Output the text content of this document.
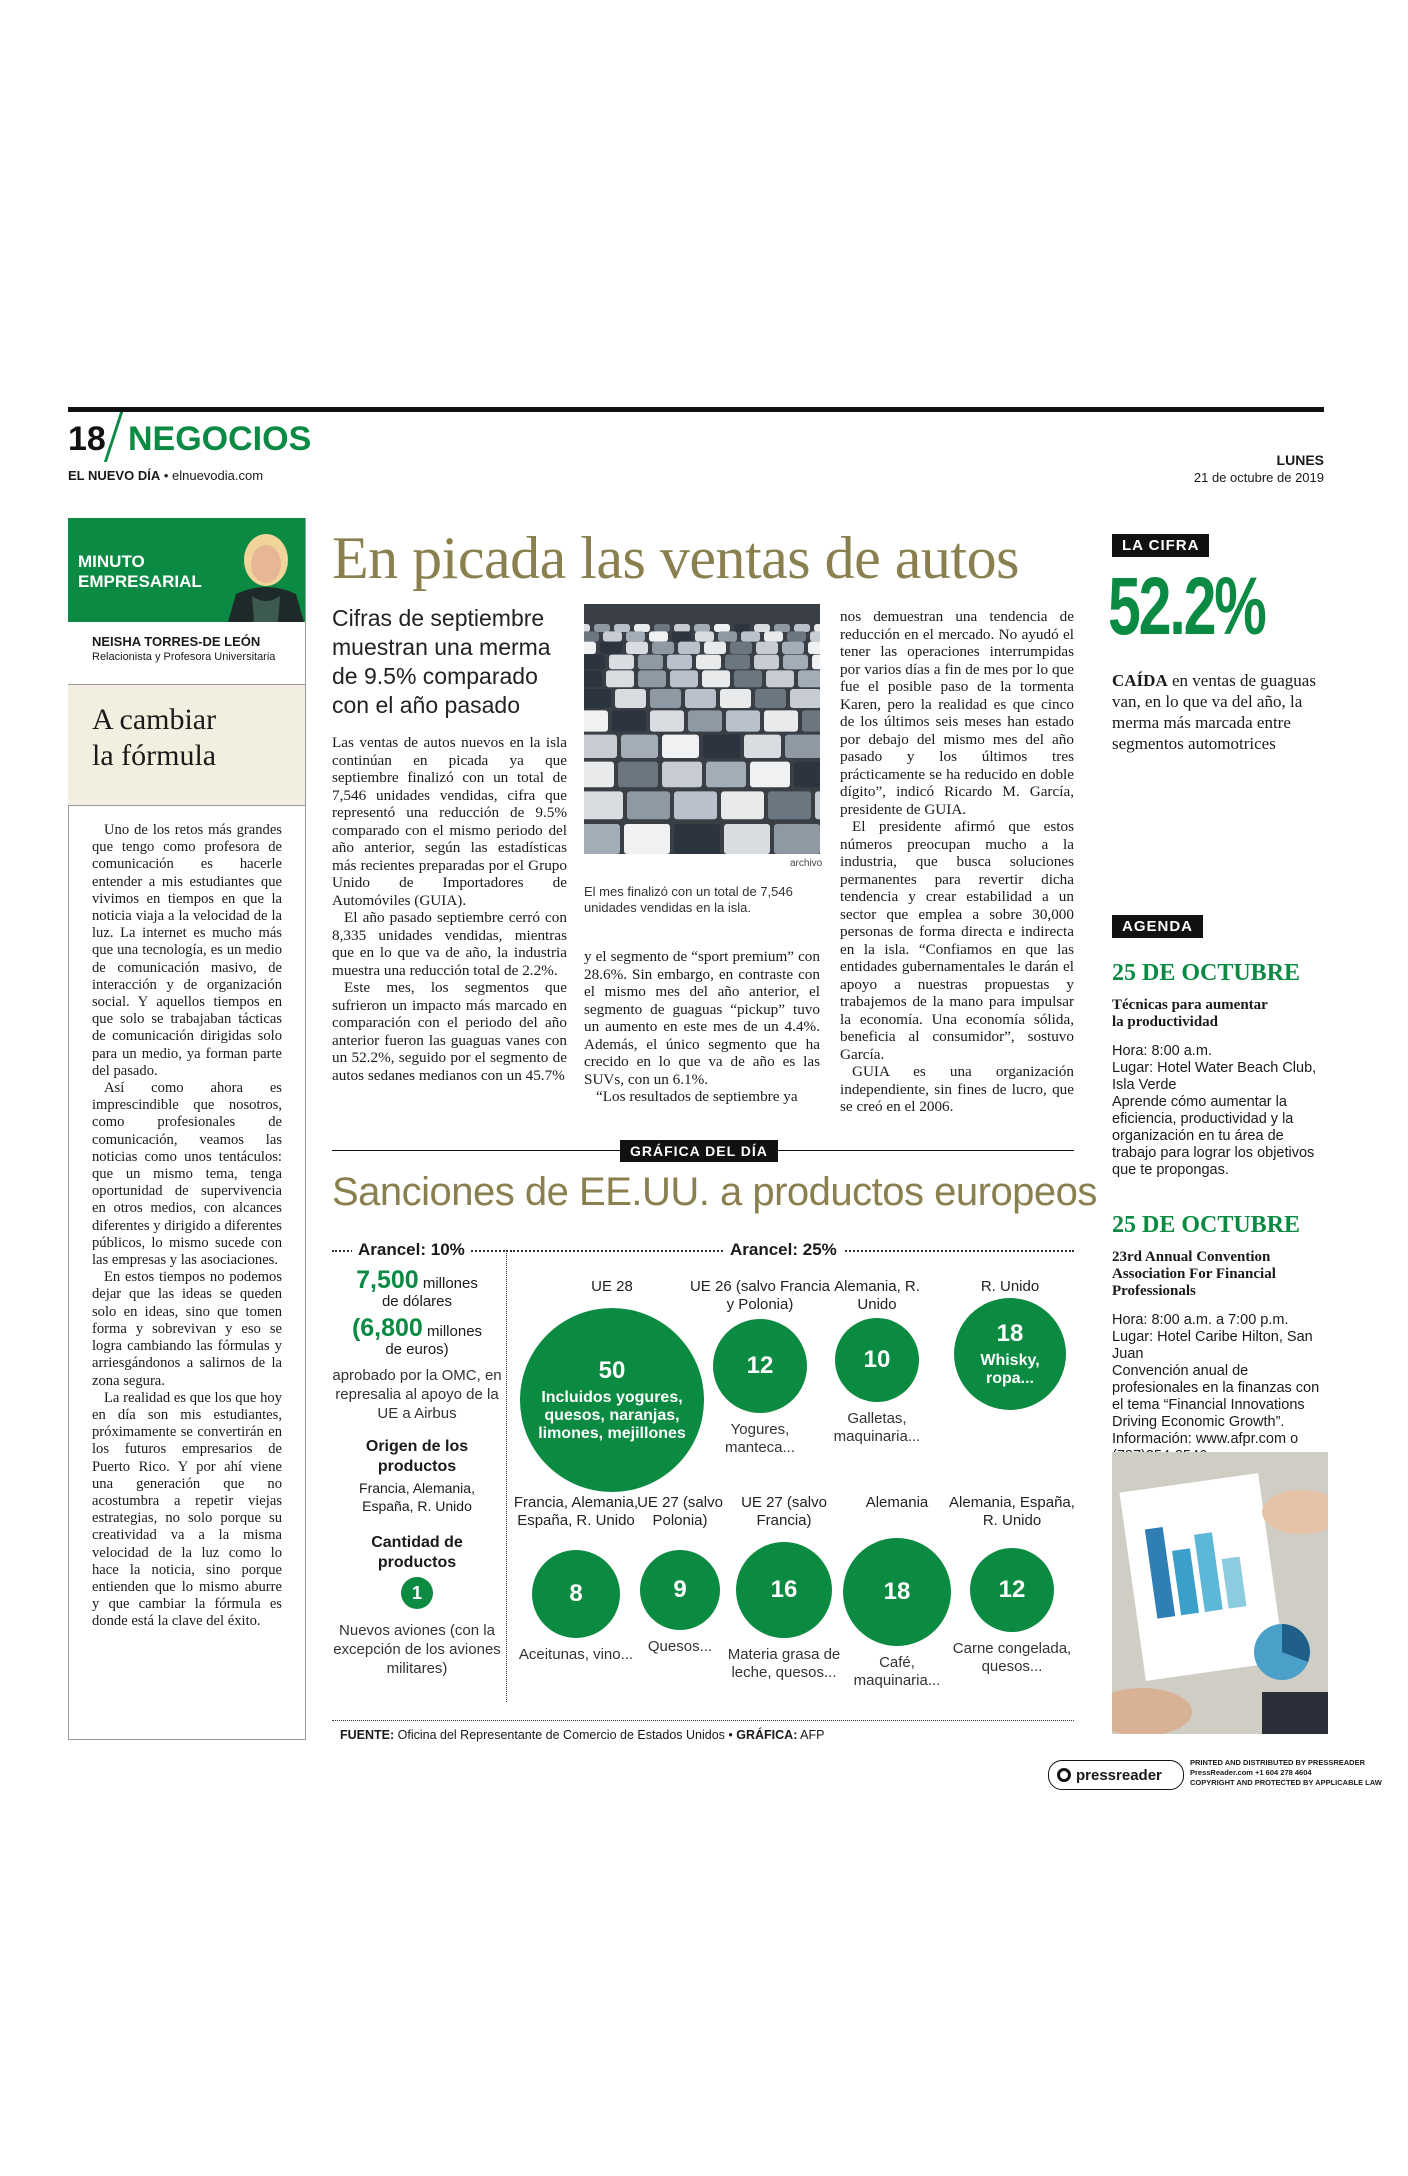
18 NEGOCIOS
EL NUEVO DÍA • elnuevodia.com
LUNES
21 de octubre de 2019
MINUTO
EMPRESARIAL
NEISHA TORRES-DE LEÓN
Relacionista y Profesora Universitaria
A cambiar
la fórmula

Uno de los retos más grandes que tengo como profesora de comunicación es hacerle entender a mis estudiantes que vivimos en tiempos en que la noticia viaja a la velocidad de la luz. La internet es mucho más que una tecnología, es un medio de comunicación masivo, de interacción y de organización social. Y aquellos tiempos en que solo se trabajaban tácticas de comunicación dirigidas solo para un medio, ya forman parte del pasado.

Así como ahora es imprescindible que nosotros, como profesionales de comunicación, veamos las noticias como unos tentáculos: que un mismo tema, tenga oportunidad de supervivencia en otros medios, con alcances diferentes y dirigido a diferentes públicos, lo mismo sucede con las empresas y las asociaciones.

En estos tiempos no podemos dejar que las ideas se queden solo en ideas, sino que tomen forma y sobrevivan y eso se logra cambiando las fórmulas y arriesgándonos a salirnos de la zona segura.

La realidad es que los que hoy en día son mis estudiantes, próximamente se convertirán en los futuros empresarios de Puerto Rico. Y por ahí viene una generación que no acostumbra a repetir viejas estrategias, no solo porque su creatividad va a la misma velocidad de la luz como lo hace la noticia, sino porque entienden que lo mismo aburre y que cambiar la fórmula es donde está la clave del éxito.

En picada las ventas de autos
Cifras de septiembre muestran una merma de 9.5% comparado con el año pasado

Las ventas de autos nuevos en la isla continúan en picada ya que septiembre finalizó con un total de 7,546 unidades vendidas, cifra que representó una reducción de 9.5% comparado con el mismo periodo del año anterior, según las estadísticas más recientes preparadas por el Grupo Unido de Importadores de Automóviles (GUIA).

El año pasado septiembre cerró con 8,335 unidades vendidas, mientras que en lo que va de año, la industria muestra una reducción total de 2.2%.

Este mes, los segmentos que sufrieron un impacto más marcado en comparación con el periodo del año anterior fueron las guaguas vanes con un 52.2%, seguido por el segmento de autos sedanes medianos con un 45.7%

archivo
El mes finalizó con un total de 7,546 unidades vendidas en la isla.

y el segmento de “sport premium” con 28.6%. Sin embargo, en contraste con el mismo mes del año anterior, el segmento de guaguas “pickup” tuvo un aumento en este mes de un 4.4%. Además, el único segmento que ha crecido en lo que va de año es las SUVs, con un 6.1%.

“Los resultados de septiembre ya

nos demuestran una tendencia de reducción en el mercado. No ayudó el tener las operaciones interrumpidas por varios días a fin de mes por lo que fue el posible paso de la tormenta Karen, pero la realidad es que cinco de los últimos seis meses han estado por debajo del mismo mes del año pasado y los últimos tres prácticamente se ha reducido en doble dígito”, indicó Ricardo M. García, presidente de GUIA.

El presidente afirmó que estos números preocupan mucho a la industria, que busca soluciones permanentes para revertir dicha tendencia y crear estabilidad a un sector que emplea a sobre 30,000 personas de forma directa e indirecta en la isla. “Confiamos en que las entidades gubernamentales le darán el apoyo a nuestras propuestas y trabajemos de la mano para impulsar la economía. Una economía sólida, beneficia al consumidor”, sostuvo García.

GUIA es una organización independiente, sin fines de lucro, que se creó en el 2006.

GRÁFICA DEL DÍA
Sanciones de EE.UU. a productos europeos
Arancel: 10%	Arancel: 25%
7,500 millones
de dólares
(6,800 millones
de euros)
aprobado por la OMC, en represalia al apoyo de la UE a Airbus
Origen de los productos
Francia, Alemania, España, R. Unido
Cantidad de productos
1
Nuevos aviones (con la excepción de los aviones militares)
UE 28
50
Incluidos yogures, quesos, naranjas, limones, mejillones
UE 26 (salvo Francia y Polonia)
12
Yogures, manteca...
Alemania, R. Unido
10
Galletas, maquinaria...
R. Unido
18
Whisky, ropa...
Francia, Alemania, España, R. Unido
8
Aceitunas, vino...
UE 27 (salvo Polonia)
9
Quesos...
UE 27 (salvo Francia)
16
Materia grasa de leche, quesos...
Alemania
18
Café, maquinaria...
Alemania, España, R. Unido
12
Carne congelada, quesos...
FUENTE: Oficina del Representante de Comercio de Estados Unidos • GRÁFICA: AFP
LA CIFRA
52.2%
CAÍDA en ventas de guaguas van, en lo que va del año, la merma más marcada entre segmentos automotrices
AGENDA
25 DE OCTUBRE
Técnicas para aumentar la productividad
Hora: 8:00 a.m.
Lugar: Hotel Water Beach Club, Isla Verde
Aprende cómo aumentar la eficiencia, productividad y la organización en tu área de trabajo para lograr los objetivos que te propongas.
25 DE OCTUBRE
23rd Annual Convention Association For Financial Professionals
Hora: 8:00 a.m. a 7:00 p.m.
Lugar: Hotel Caribe Hilton, San Juan
Convención anual de profesionales en la finanzas con el tema “Financial Innovations Driving Economic Growth”. Información: www.afpr.com o
pressreader
PRINTED AND DISTRIBUTED BY PRESSREADER
PressReader.com +1 604 278 4604
COPYRIGHT AND PROTECTED BY APPLICABLE LAW
